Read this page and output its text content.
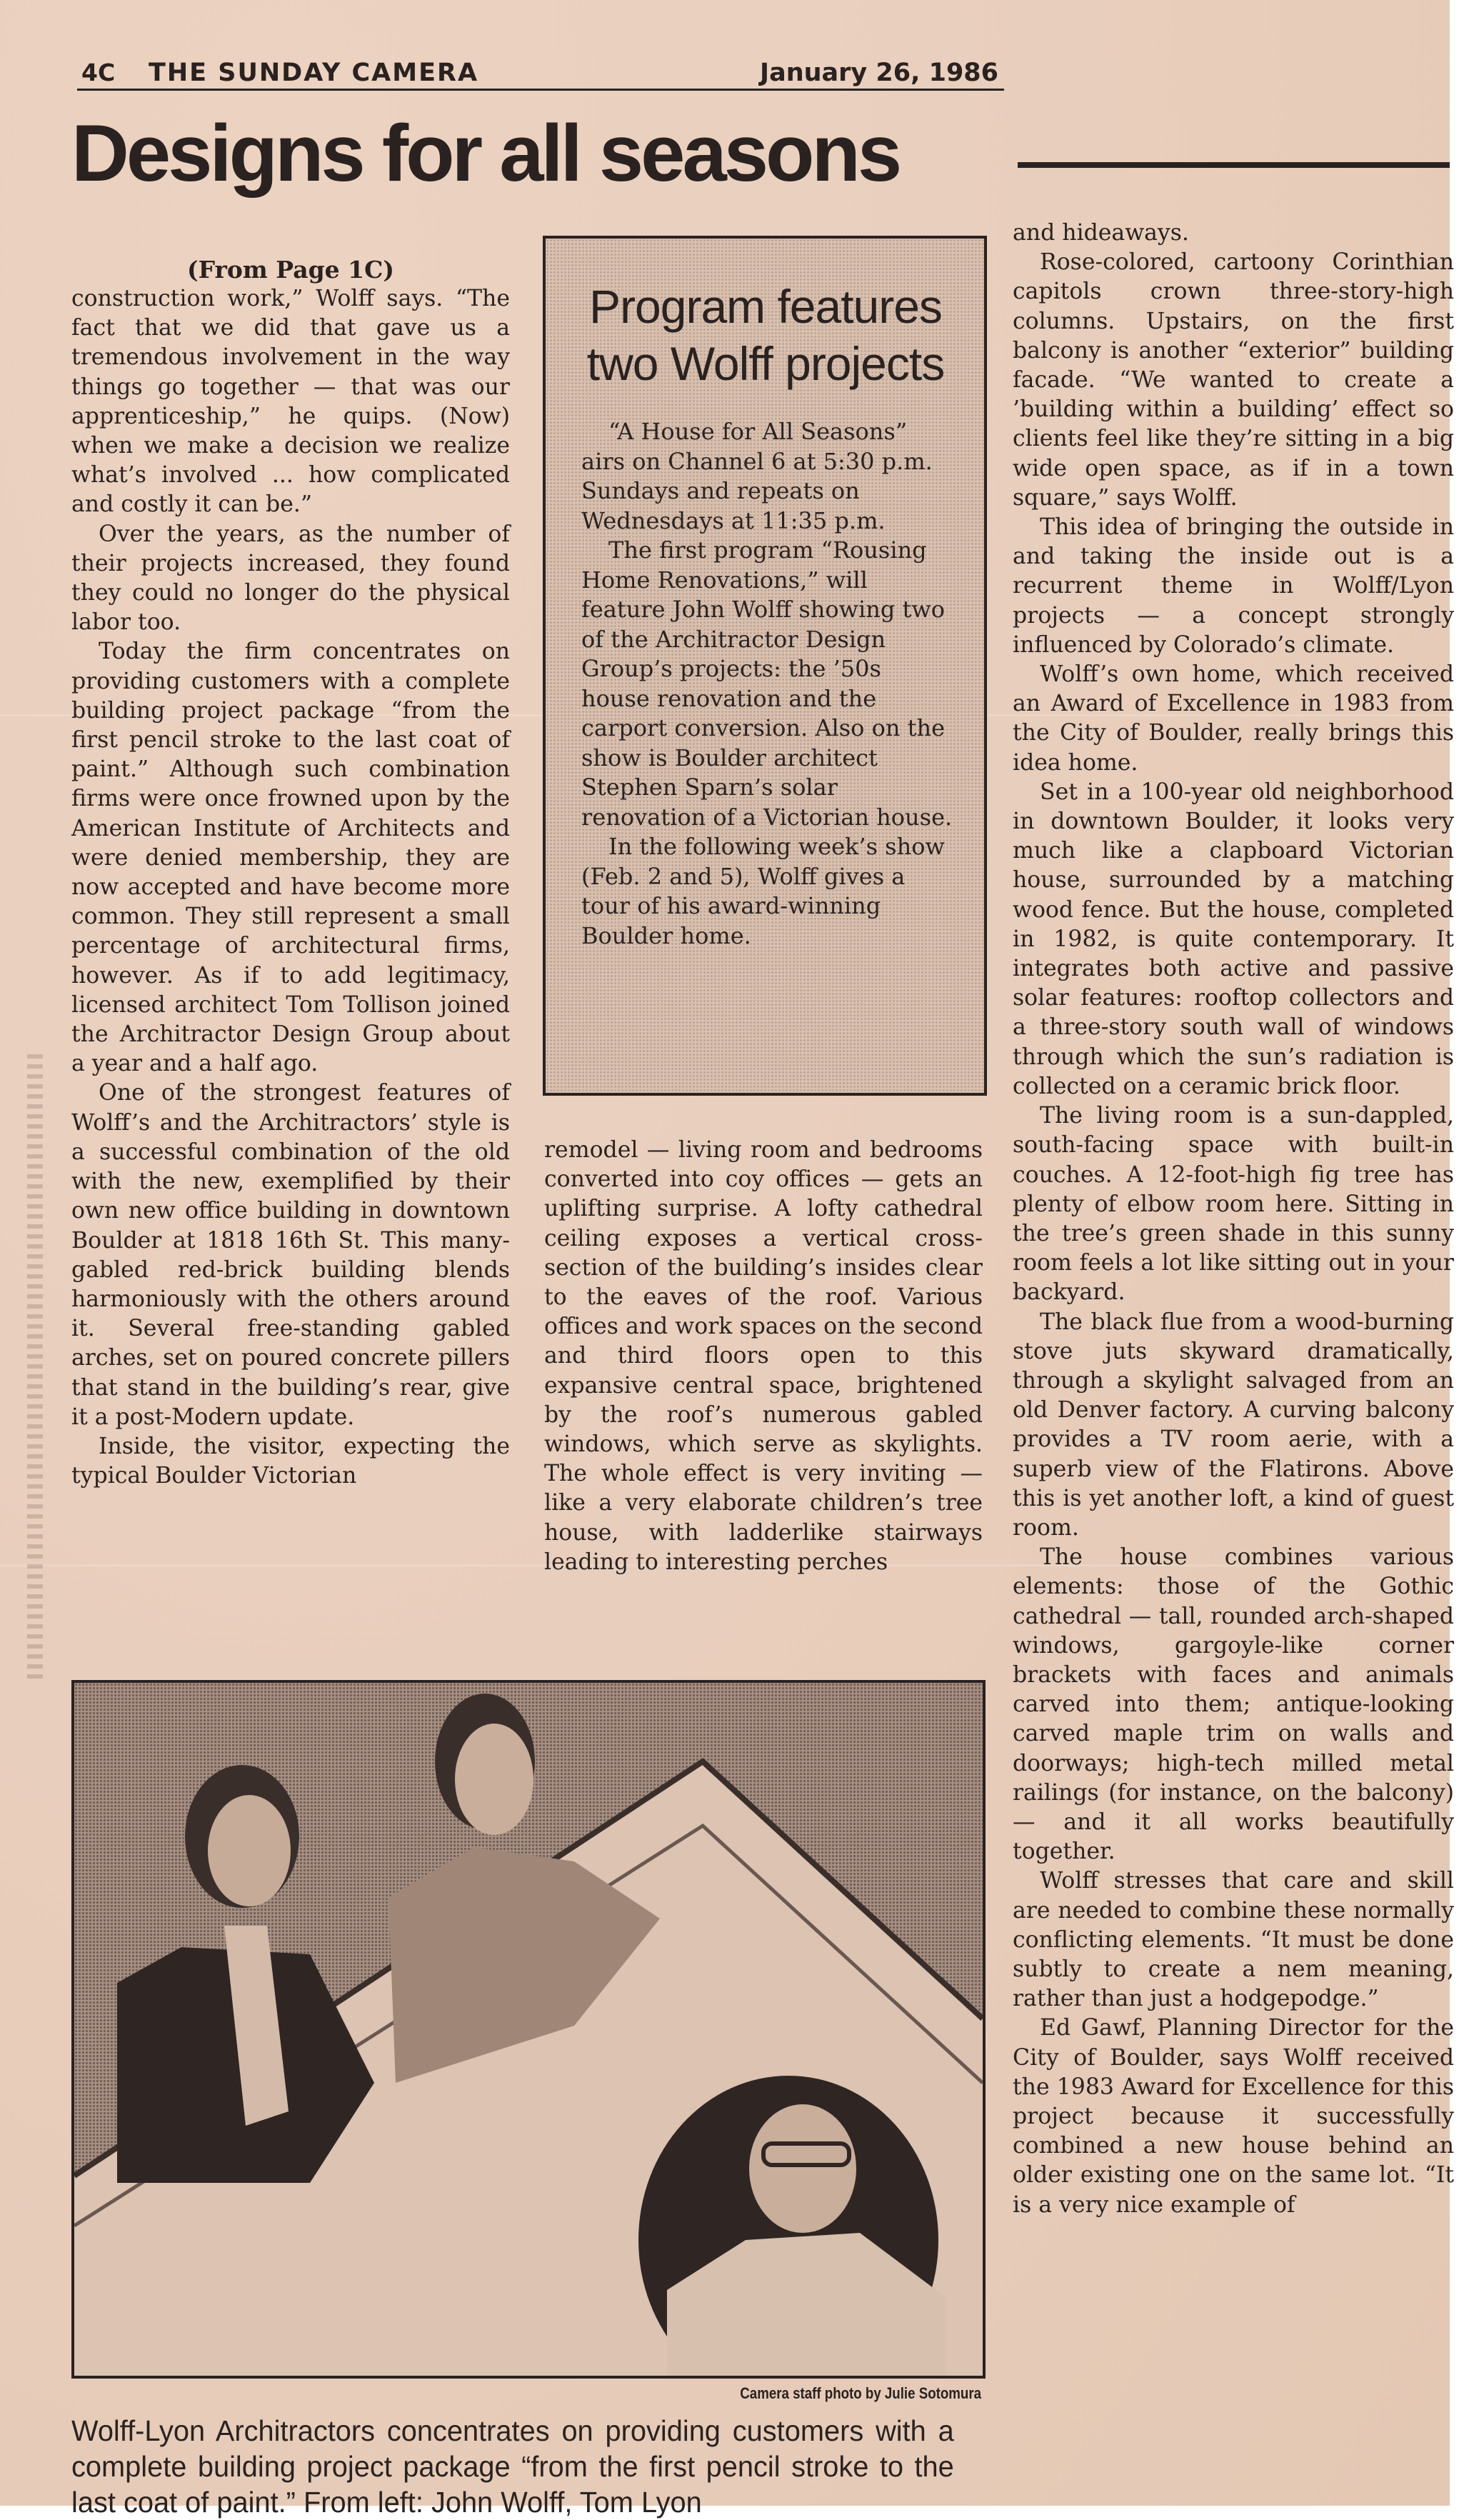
4C THE SUNDAY CAMERA	January 26, 1986
Designs for all seasons

(From Page 1C)

construction work,” Wolff says. “The fact that we did that gave us a tremendous involvement in the way things go together — that was our apprenticeship,” he quips. (Now) when we make a decision we realize what’s involved ... how complicated and costly it can be.”

Over the years, as the number of their projects increased, they found they could no longer do the physical labor too.

Today the firm concentrates on providing customers with a complete building project package “from the first pencil stroke to the last coat of paint.” Although such combination firms were once frowned upon by the American Institute of Architects and were denied membership, they are now accepted and have become more common. They still represent a small percentage of architectural firms, however. As if to add legitimacy, licensed architect Tom Tollison joined the Architractor Design Group about a year and a half ago.

One of the strongest features of Wolff’s and the Architractors’ style is a successful combination of the old with the new, exemplified by their own new office building in downtown Boulder at 1818 16th St. This many-gabled red-brick building blends harmoniously with the others around it. Several free-standing gabled arches, set on poured concrete pillers that stand in the building’s rear, give it a post-Modern update.

Inside, the visitor, expecting the typical Boulder Victorian

Program features two Wolff projects

“A House for All Seasons” airs on Channel 6 at 5:30 p.m. Sundays and repeats on Wednesdays at 11:35 p.m.

The first program “Rousing Home Renovations,” will feature John Wolff showing two of the Architractor Design Group’s projects: the ’50s house renovation and the carport conversion. Also on the show is Boulder architect Stephen Sparn’s solar renovation of a Victorian house.

In the following week’s show (Feb. 2 and 5), Wolff gives a tour of his award-winning Boulder home.

remodel — living room and bedrooms converted into coy offices — gets an uplifting surprise. A lofty cathedral ceiling exposes a vertical cross-section of the building’s insides clear to the eaves of the roof. Various offices and work spaces on the second and third floors open to this expansive central space, brightened by the roof’s numerous gabled windows, which serve as skylights. The whole effect is very inviting — like a very elaborate children’s tree house, with ladderlike stairways leading to interesting perches

and hideaways.

Rose-colored, cartoony Corinthian capitols crown three-story-high columns. Upstairs, on the first balcony is another “exterior” building facade. “We wanted to create a ’building within a building’ effect so clients feel like they’re sitting in a big wide open space, as if in a town square,” says Wolff.

This idea of bringing the outside in and taking the inside out is a recurrent theme in Wolff/Lyon projects — a concept strongly influenced by Colorado’s climate.

Wolff’s own home, which received an Award of Excellence in 1983 from the City of Boulder, really brings this idea home.

Set in a 100-year old neighborhood in downtown Boulder, it looks very much like a clapboard Victorian house, surrounded by a matching wood fence. But the house, completed in 1982, is quite contemporary. It integrates both active and passive solar features: rooftop collectors and a three-story south wall of windows through which the sun’s radiation is collected on a ceramic brick floor.

The living room is a sun-dappled, south-facing space with built-in couches. A 12-foot-high fig tree has plenty of elbow room here. Sitting in the tree’s green shade in this sunny room feels a lot like sitting out in your backyard.

The black flue from a wood-burning stove juts skyward dramatically, through a skylight salvaged from an old Denver factory. A curving balcony provides a TV room aerie, with a superb view of the Flatirons. Above this is yet another loft, a kind of guest room.

The house combines various elements: those of the Gothic cathedral — tall, rounded arch-shaped windows, gargoyle-like corner brackets with faces and animals carved into them; antique-looking carved maple trim on walls and doorways; high-tech milled metal railings (for instance, on the balcony) — and it all works beautifully together.

Wolff stresses that care and skill are needed to combine these normally conflicting elements. “It must be done subtly to create a nem meaning, rather than just a hodgepodge.”

Ed Gawf, Planning Director for the City of Boulder, says Wolff received the 1983 Award for Excellence for this project because it successfully combined a new house behind an older existing one on the same lot. “It is a very nice example of

Camera staff photo by Julie Sotomura
Wolff-Lyon Architractors concentrates on providing customers with a complete building project package “from the first pencil stroke to the last coat of paint.” From left: John Wolff, Tom Lyon
